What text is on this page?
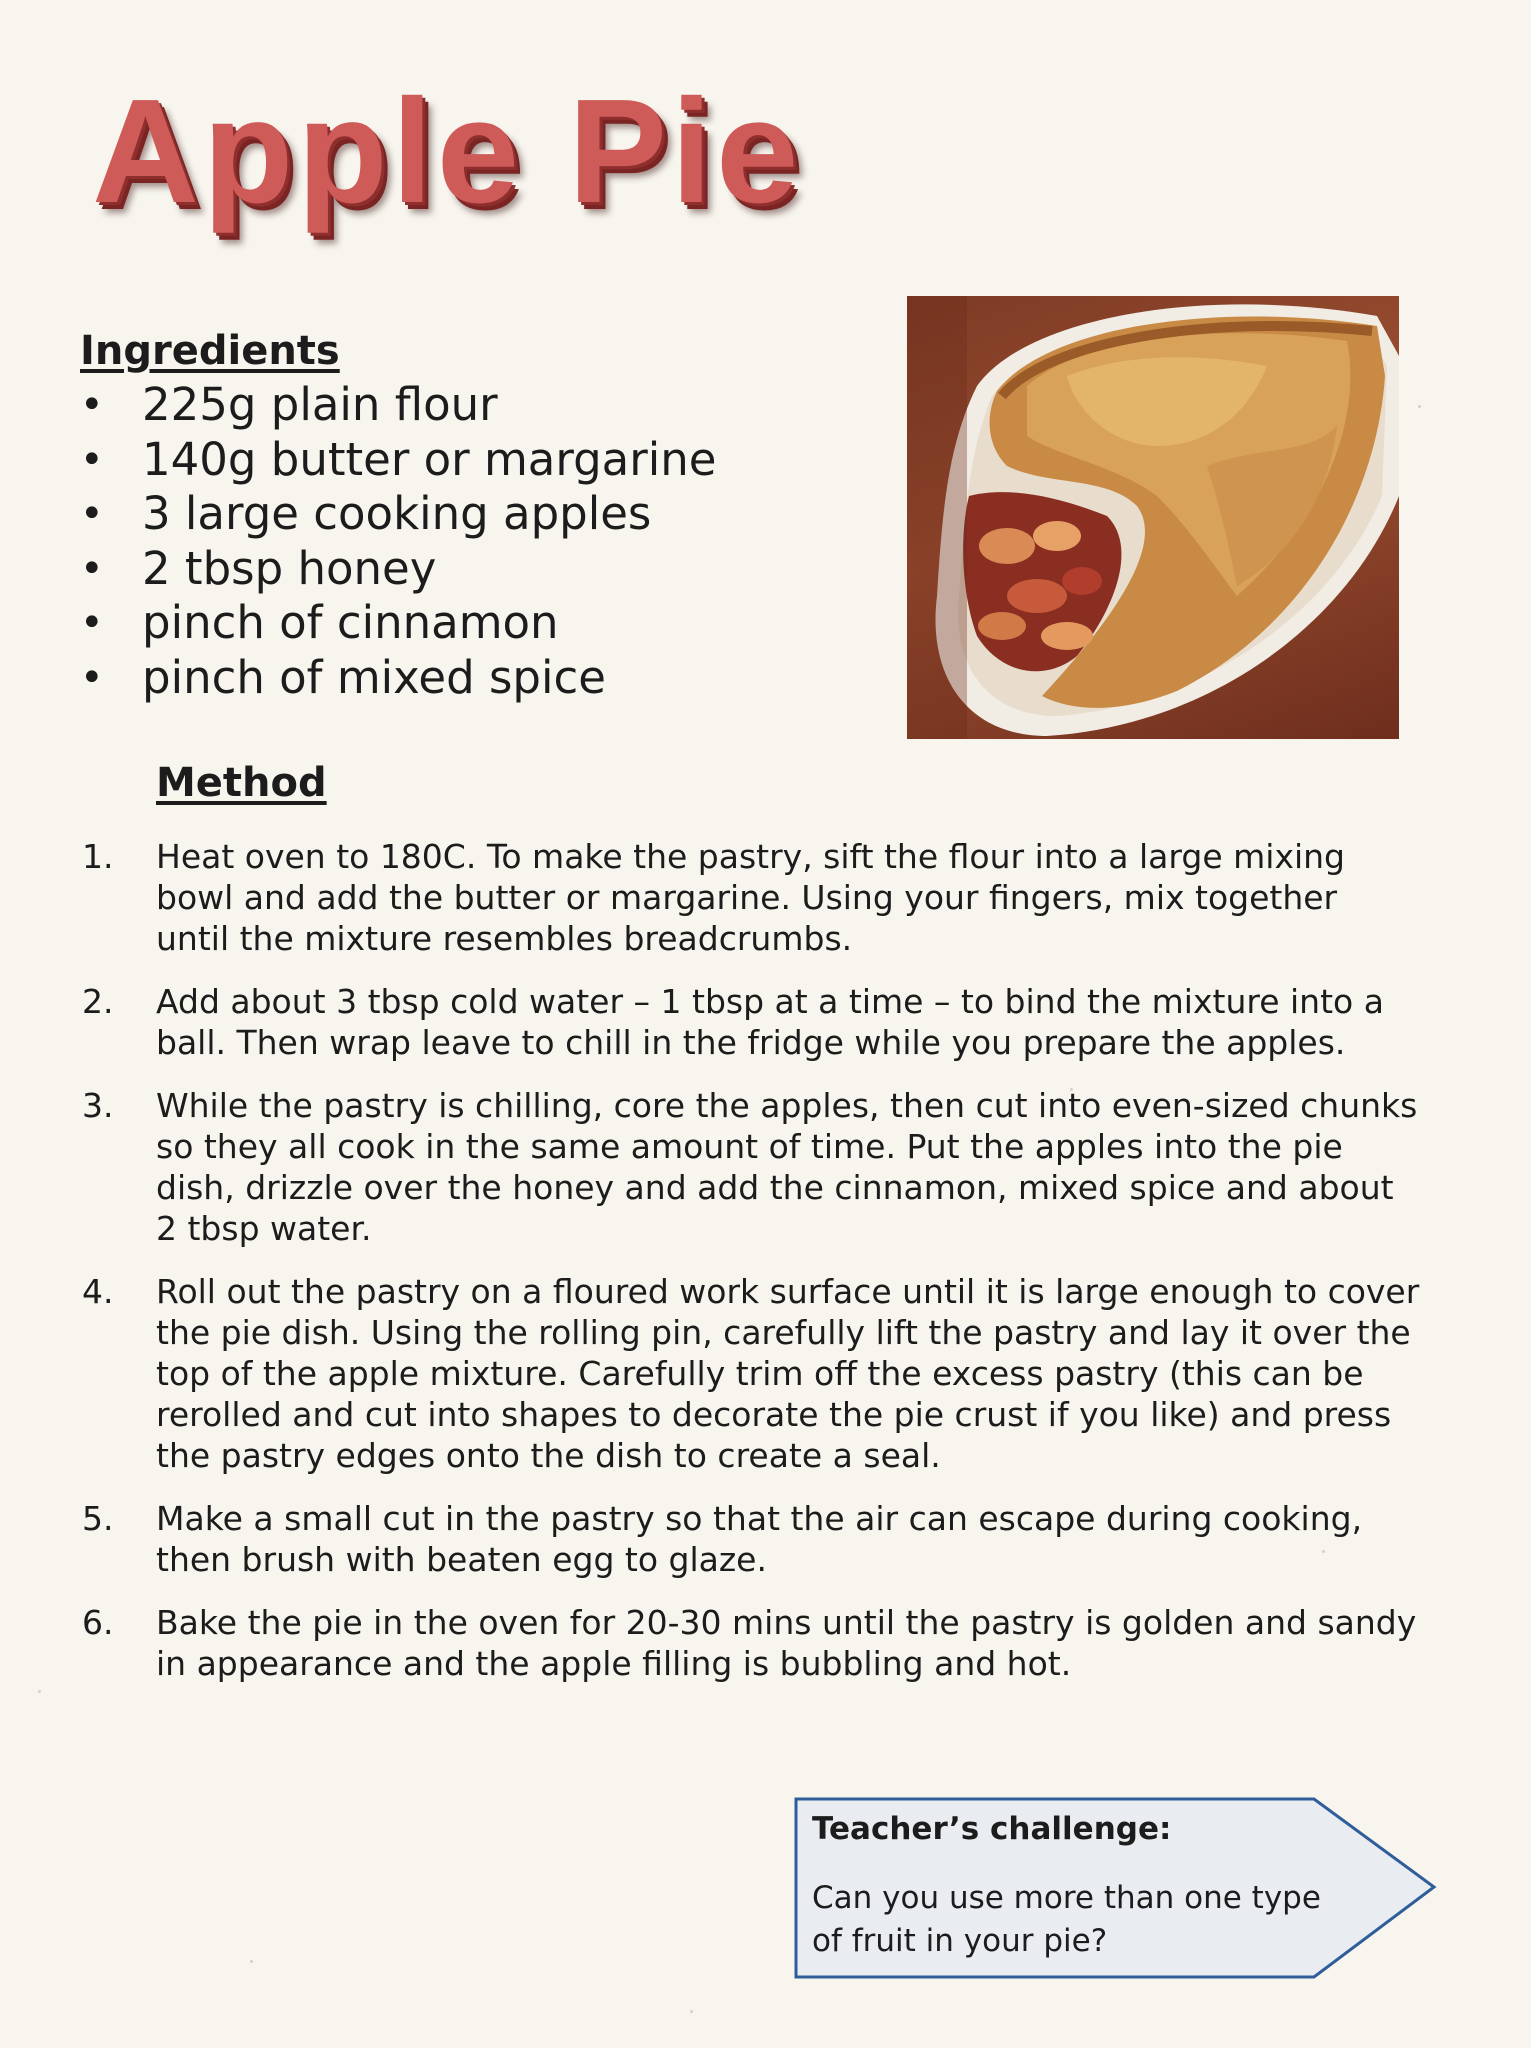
Apple Pie
Ingredients
• 225g plain flour
• 140g butter or margarine
• 3 large cooking apples
• 2 tbsp honey
• pinch of cinnamon
• pinch of mixed spice
Method
1. Heat oven to 180C. To make the pastry, sift the flour into a large mixing bowl and add the butter or margarine. Using your fingers, mix together until the mixture resembles breadcrumbs.
2. Add about 3 tbsp cold water – 1 tbsp at a time – to bind the mixture into a ball. Then wrap leave to chill in the fridge while you prepare the apples.
3. While the pastry is chilling, core the apples, then cut into even-sized chunks so they all cook in the same amount of time. Put the apples into the pie dish, drizzle over the honey and add the cinnamon, mixed spice and about 2 tbsp water.
4. Roll out the pastry on a floured work surface until it is large enough to cover the pie dish. Using the rolling pin, carefully lift the pastry and lay it over the top of the apple mixture. Carefully trim off the excess pastry (this can be rerolled and cut into shapes to decorate the pie crust if you like) and press the pastry edges onto the dish to create a seal.
5. Make a small cut in the pastry so that the air can escape during cooking, then brush with beaten egg to glaze.
6. Bake the pie in the oven for 20-30 mins until the pastry is golden and sandy in appearance and the apple filling is bubbling and hot.

Teacher’s challenge:

Can you use more than one type of fruit in your pie?
